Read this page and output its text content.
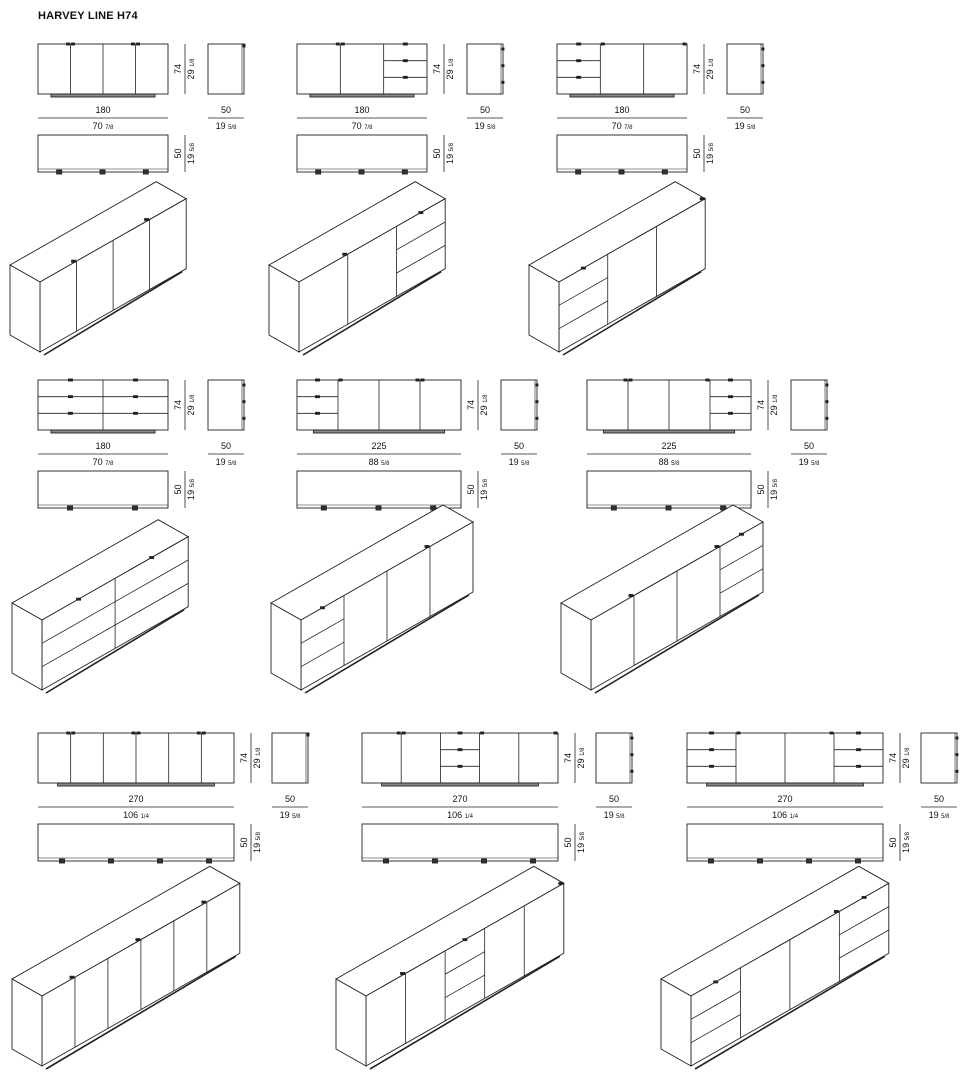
HARVEY LINE H74
74 29 1/8
180
70 7/8
50
19 5/8
50 19 5/8
74 29 1/8
180
70 7/8
50
19 5/8
50 19 5/8
74 29 1/8
180
70 7/8
50
19 5/8
50 19 5/8
74 29 1/8
180
70 7/8
50
19 5/8
50 19 5/8
74 29 1/8
225
88 5/8
50
19 5/8
50 19 5/8
74 29 1/8
225
88 5/8
50
19 5/8
50 19 5/8
74 29 1/8
270
106 1/4
50
19 5/8
50 19 5/8
74 29 1/8
270
106 1/4
50
19 5/8
50 19 5/8
74 29 1/8
270
106 1/4
50
19 5/8
50 19 5/8
